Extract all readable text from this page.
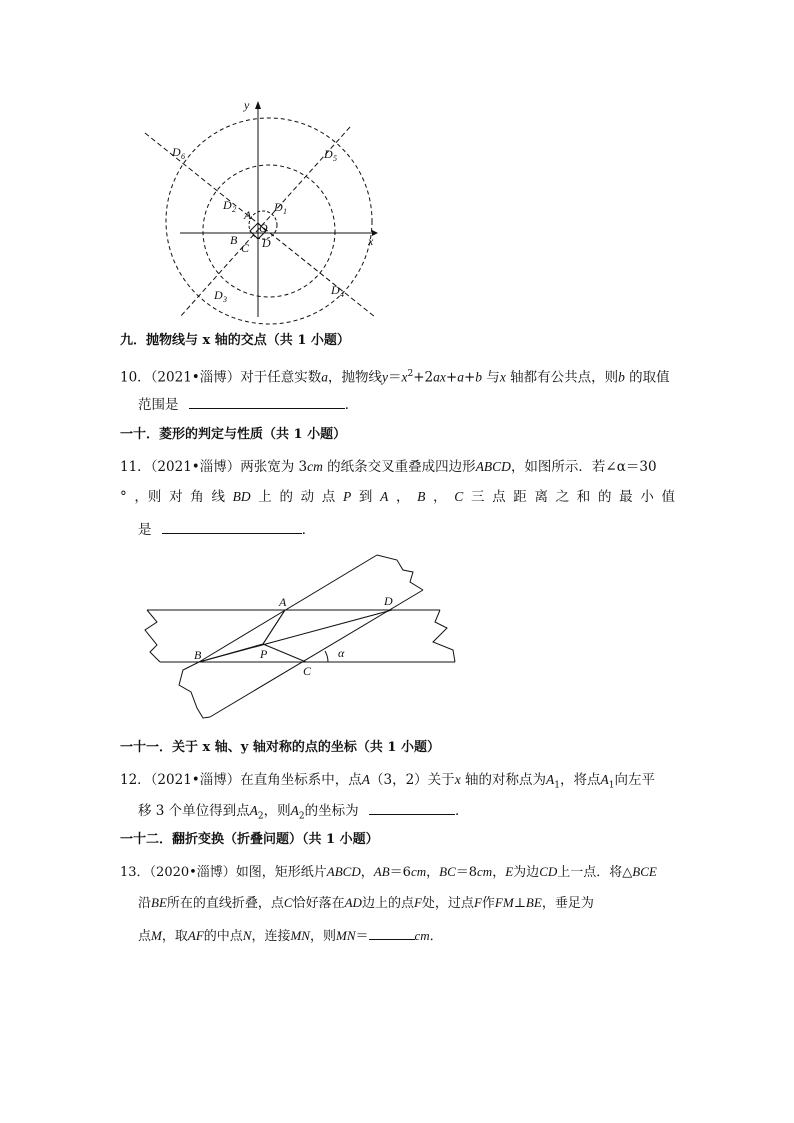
y
x
O
A
B
C D
D 1
D 2
D 3
D 4
D 5
D 6
九．抛物线与 x 轴的交点（共 1 小题）
10．（2021•淄博）对于任意实数a，抛物线$y=x^2+2ax+a+b$ 与x 轴都有公共点，则b 的取值
范围是	．
一十．菱形的判定与性质（共 1 小题）
11．（2021•淄博）两张宽为 3cm 的纸条交叉重叠成四边形ABCD，如图所示．若∠α＝30
° ，则 对 角 线 BD 上 的 动 点 P 到 A ， B ， C 三 点 距 离 之 和 的 最 小 值
是	．
A	D
B	P
C
α
一十一．关于 x 轴、y 轴对称的点的坐标（共 1 小题）
12．（2021•淄博）在直角坐标系中，点A（3，2）关于x 轴的对称点为$A_1$，将点$A_1$向左平
移 3 个单位得到点$A_2$，则$A_2$的坐标为	．
一十二．翻折变换（折叠问题）（共 1 小题）
13．（2020•淄博）如图，矩形纸片ABCD，AB＝6cm，BC＝8cm，E为边CD上一点．将△BCE
沿BE所在的直线折叠，点C恰好落在AD边上的点F处，过点F作FM⊥BE，垂足为
点M，取AF的中点N，连接MN，则MN＝	cm．
